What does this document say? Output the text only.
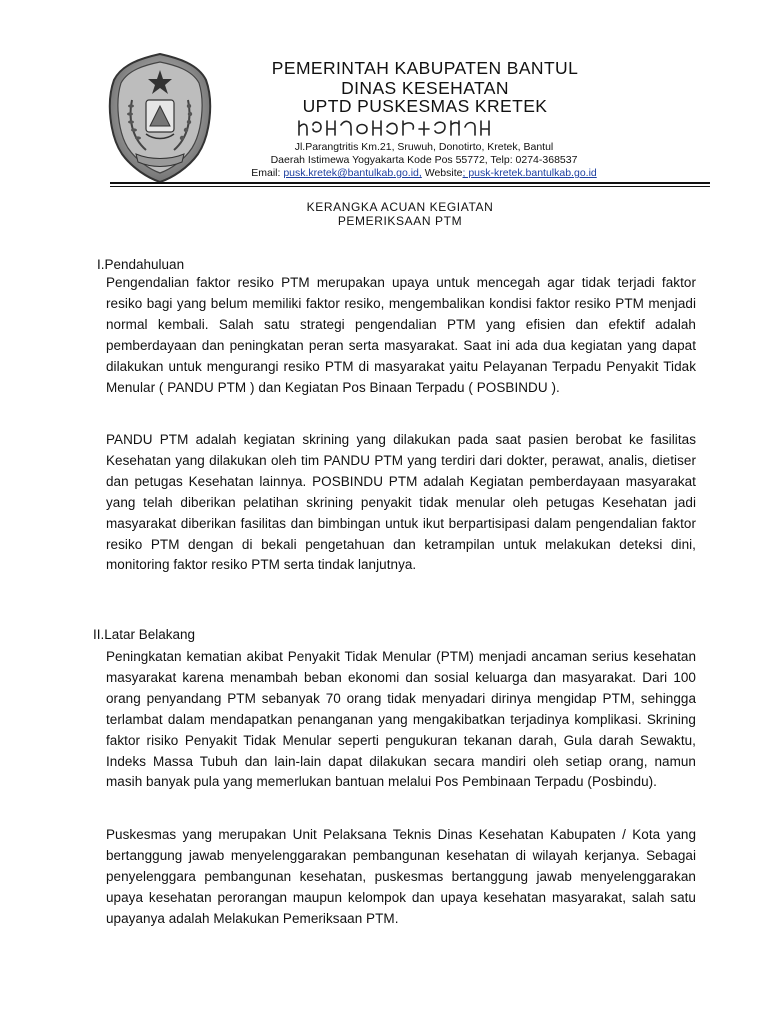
PEMERINTAH KABUPATEN BANTUL
DINAS KESEHATAN
UPTD PUSKESMAS KRETEK
Jl.Parangtritis Km.21, Sruwuh, Donotirto, Kretek, Bantul
Daerah Istimewa Yogyakarta Kode Pos 55772, Telp: 0274-368537
Email: pusk.kretek@bantulkab.go.id, Website; pusk-kretek.bantulkab.go.id
KERANGKA ACUAN KEGIATAN
PEMERIKSAAN PTM
I.Pendahuluan
Pengendalian faktor resiko PTM merupakan upaya untuk mencegah agar tidak terjadi faktor resiko bagi yang belum memiliki faktor resiko, mengembalikan kondisi faktor resiko PTM menjadi normal kembali. Salah satu strategi pengendalian PTM yang efisien dan efektif adalah pemberdayaan dan peningkatan peran serta masyarakat. Saat ini ada dua kegiatan yang dapat dilakukan untuk mengurangi resiko PTM di masyarakat yaitu Pelayanan Terpadu Penyakit Tidak Menular ( PANDU PTM ) dan Kegiatan Pos Binaan Terpadu ( POSBINDU ).
PANDU PTM adalah kegiatan skrining yang dilakukan pada saat pasien berobat ke fasilitas Kesehatan yang dilakukan oleh tim PANDU PTM yang terdiri dari dokter, perawat, analis, dietiser dan petugas Kesehatan lainnya. POSBINDU PTM adalah Kegiatan pemberdayaan masyarakat yang telah diberikan pelatihan skrining penyakit tidak menular oleh petugas Kesehatan jadi masyarakat diberikan fasilitas dan bimbingan untuk ikut berpartisipasi dalam pengendalian faktor resiko PTM dengan di bekali pengetahuan dan ketrampilan untuk melakukan deteksi dini, monitoring faktor resiko PTM serta tindak lanjutnya.
II.Latar Belakang
Peningkatan kematian akibat Penyakit Tidak Menular (PTM) menjadi ancaman serius kesehatan masyarakat karena menambah beban ekonomi dan sosial keluarga dan masyarakat. Dari 100 orang penyandang PTM sebanyak 70 orang tidak menyadari dirinya mengidap PTM, sehingga terlambat dalam mendapatkan penanganan yang mengakibatkan terjadinya komplikasi. Skrining faktor risiko Penyakit Tidak Menular seperti pengukuran tekanan darah, Gula darah Sewaktu, Indeks Massa Tubuh dan lain-lain dapat dilakukan secara mandiri oleh setiap orang, namun masih banyak pula yang memerlukan bantuan melalui Pos Pembinaan Terpadu (Posbindu).
Puskesmas yang merupakan Unit Pelaksana Teknis Dinas Kesehatan Kabupaten / Kota yang bertanggung jawab menyelenggarakan pembangunan kesehatan di wilayah kerjanya. Sebagai penyelenggara pembangunan kesehatan, puskesmas bertanggung jawab menyelenggarakan upaya kesehatan perorangan maupun kelompok dan upaya kesehatan masyarakat, salah satu upayanya adalah Melakukan Pemeriksaan PTM.
